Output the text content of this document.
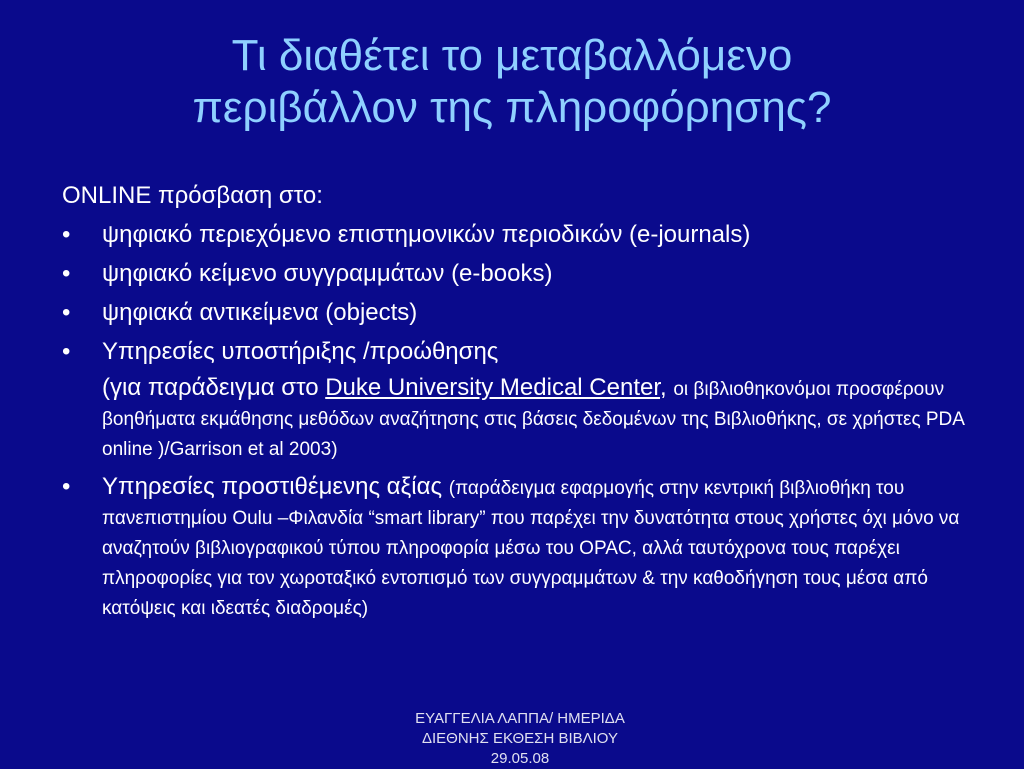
Τι διαθέτει το μεταβαλλόμενο
περιβάλλον της πληροφόρησης?
ONLINE πρόσβαση στο:
• ψηφιακό περιεχόμενο επιστημονικών περιοδικών (e-journals)
• ψηφιακό κείμενο συγγραμμάτων (e-books)
• ψηφιακά αντικείμενα (objects)
• Υπηρεσίες υποστήριξης /προώθησης
(για παράδειγμα στο Duke University Medical Center, οι βιβλιοθηκονόμοι προσφέρουν βοηθήματα εκμάθησης μεθόδων αναζήτησης στις βάσεις δεδομένων της Βιβλιοθήκης, σε χρήστες PDA online )/Garrison et al 2003)
• Υπηρεσίες προστιθέμενης αξίας (παράδειγμα εφαρμογής στην κεντρική βιβλιοθήκη του πανεπιστημίου Oulu –Φιλανδία “smart library” που παρέχει την δυνατότητα στους χρήστες όχι μόνο να αναζητούν βιβλιογραφικού τύπου πληροφορία μέσω του OPAC, αλλά ταυτόχρονα τους παρέχει πληροφορίες για τον χωροταξικό εντοπισμό των συγγραμμάτων & την καθοδήγηση τους μέσα από κατόψεις και ιδεατές διαδρομές)
ΕΥΑΓΓΕΛΙΑ ΛΑΠΠΑ/ ΗΜΕΡΙΔΑ
ΔΙΕΘΝΗΣ ΕΚΘΕΣΗ ΒΙΒΛΙΟΥ
29.05.08
